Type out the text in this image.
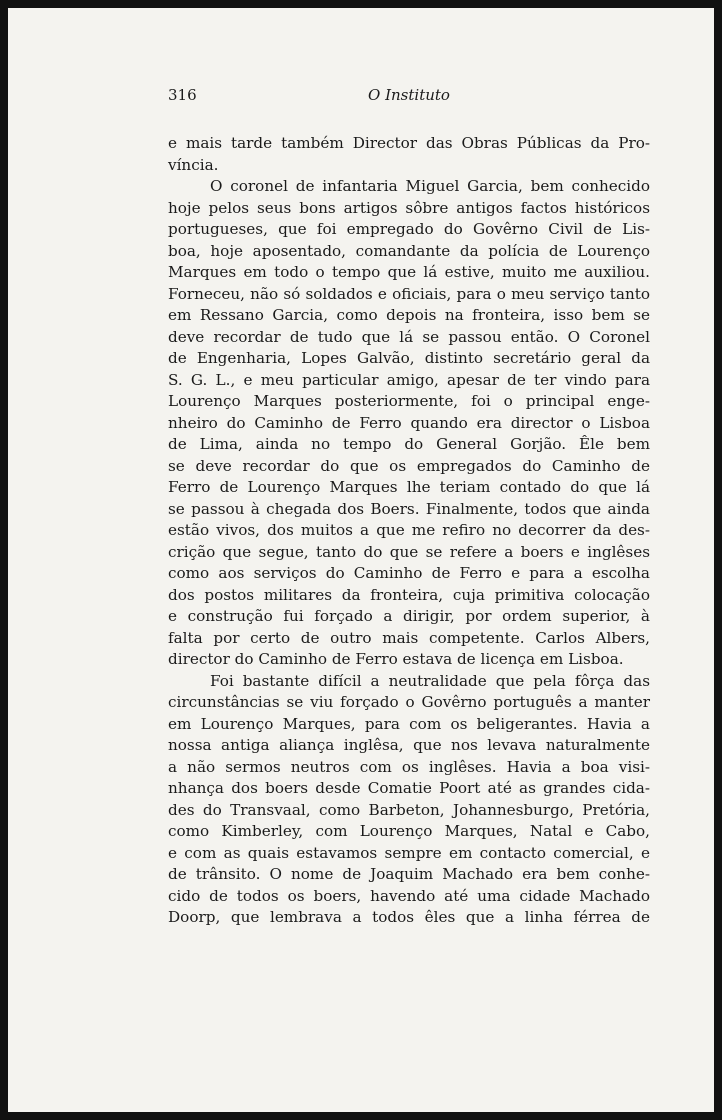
316	O Instituto
e mais tarde também Director das Obras Públicas da Pro-
víncia.
O coronel de infantaria Miguel Garcia, bem conhecido
hoje pelos seus bons artigos sôbre antigos factos históricos
portugueses, que foi empregado do Govêrno Civil de Lis-
boa, hoje aposentado, comandante da polícia de Lourenço
Marques em todo o tempo que lá estive, muito me auxiliou.
Forneceu, não só soldados e oficiais, para o meu serviço tanto
em Ressano Garcia, como depois na fronteira, isso bem se
deve recordar de tudo que lá se passou então. O Coronel
de Engenharia, Lopes Galvão, distinto secretário geral da
S. G. L., e meu particular amigo, apesar de ter vindo para
Lourenço Marques posteriormente, foi o principal enge-
nheiro do Caminho de Ferro quando era director o Lisboa
de Lima, ainda no tempo do General Gorjão. Êle bem
se deve recordar do que os empregados do Caminho de
Ferro de Lourenço Marques lhe teriam contado do que lá
se passou à chegada dos Boers. Finalmente, todos que ainda
estão vivos, dos muitos a que me refiro no decorrer da des-
crição que segue, tanto do que se refere a boers e inglêses
como aos serviços do Caminho de Ferro e para a escolha
dos postos militares da fronteira, cuja primitiva colocação
e construção fui forçado a dirigir, por ordem superior, à
falta por certo de outro mais competente. Carlos Albers,
director do Caminho de Ferro estava de licença em Lisboa.
Foi bastante difícil a neutralidade que pela fôrça das
circunstâncias se viu forçado o Govêrno português a manter
em Lourenço Marques, para com os beligerantes. Havia a
nossa antiga aliança inglêsa, que nos levava naturalmente
a não sermos neutros com os inglêses. Havia a boa visi-
nhança dos boers desde Comatie Poort até as grandes cida-
des do Transvaal, como Barbeton, Johannesburgo, Pretória,
como Kimberley, com Lourenço Marques, Natal e Cabo,
e com as quais estavamos sempre em contacto comercial, e
de trânsito. O nome de Joaquim Machado era bem conhe-
cido de todos os boers, havendo até uma cidade Machado
Doorp, que lembrava a todos êles que a linha férrea de
